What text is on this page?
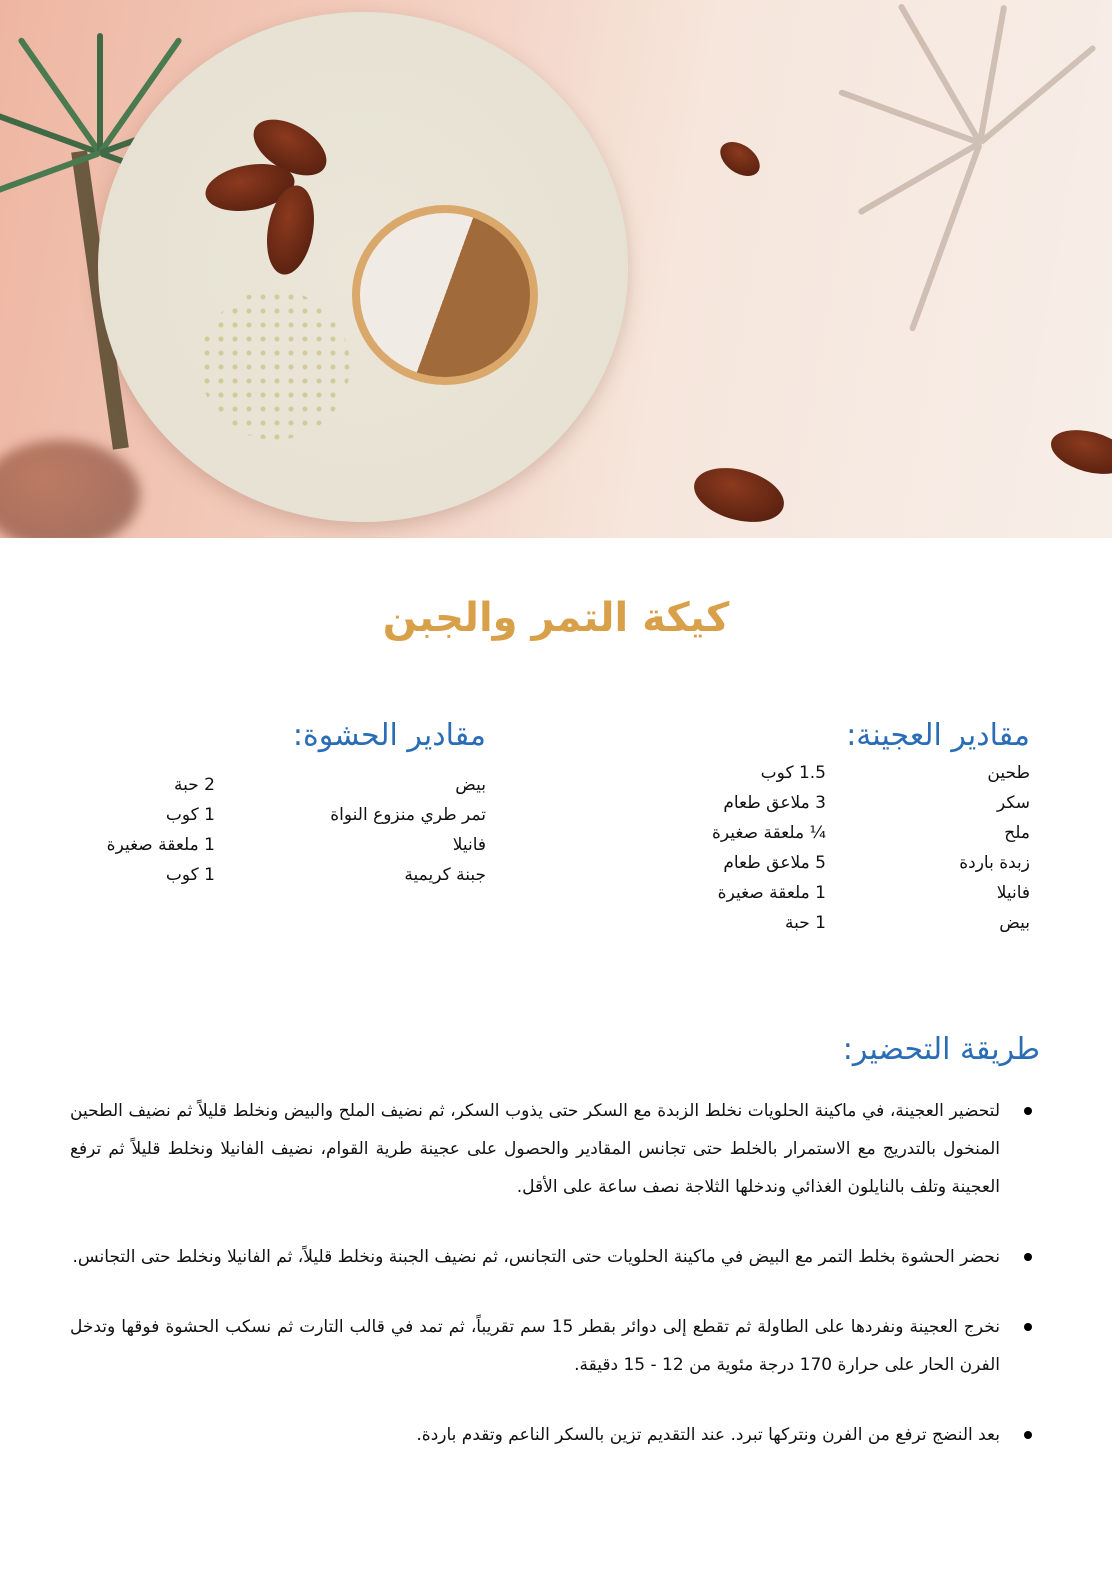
كيكة التمر والجبن
مقادير العجينة:
طحين
1.5 كوب
سكر
3 ملاعق طعام
ملح
¼ ملعقة صغيرة
زبدة باردة
5 ملاعق طعام
فانيلا
1 ملعقة صغيرة
بيض
1 حبة
مقادير الحشوة:
بيض
2 حبة
تمر طري منزوع النواة
1 كوب
فانيلا
1 ملعقة صغيرة
جبنة كريمية
1 كوب
طريقة التحضير:
لتحضير العجينة، في ماكينة الحلويات نخلط الزبدة مع السكر حتى يذوب السكر، ثم نضيف الملح والبيض ونخلط قليلاً ثم نضيف الطحين المنخول بالتدريج مع الاستمرار بالخلط حتى تجانس المقادير والحصول على عجينة طرية القوام، نضيف الفانيلا ونخلط قليلاً ثم ترفع العجينة وتلف بالنايلون الغذائي وندخلها الثلاجة نصف ساعة على الأقل.
نحضر الحشوة بخلط التمر مع البيض في ماكينة الحلويات حتى التجانس، ثم نضيف الجبنة ونخلط قليلاً، ثم الفانيلا ونخلط حتى التجانس.
نخرج العجينة ونفردها على الطاولة ثم تقطع إلى دوائر بقطر 15 سم تقريباً، ثم تمد في قالب التارت ثم نسكب الحشوة فوقها وتدخل الفرن الحار على حرارة 170 درجة مئوية من 12 - 15 دقيقة.
بعد النضج ترفع من الفرن ونتركها تبرد. عند التقديم تزين بالسكر الناعم وتقدم باردة.
